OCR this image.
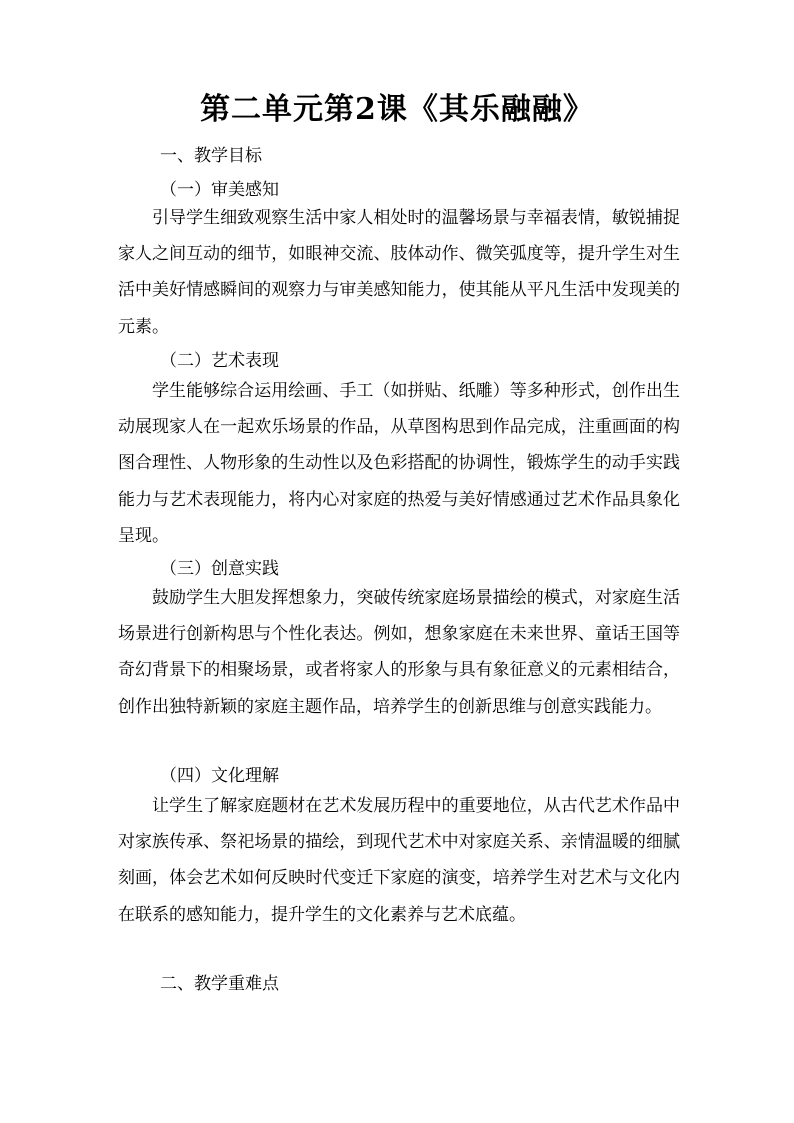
第二单元第2课《其乐融融》
一、教学目标
（一）审美感知
引导学生细致观察生活中家人相处时的温馨场景与幸福表情，敏锐捕捉家人之间互动的细节，如眼神交流、肢体动作、微笑弧度等，提升学生对生活中美好情感瞬间的观察力与审美感知能力，使其能从平凡生活中发现美的元素。
（二）艺术表现
学生能够综合运用绘画、手工（如拼贴、纸雕）等多种形式，创作出生动展现家人在一起欢乐场景的作品，从草图构思到作品完成，注重画面的构图合理性、人物形象的生动性以及色彩搭配的协调性，锻炼学生的动手实践能力与艺术表现能力，将内心对家庭的热爱与美好情感通过艺术作品具象化呈现。
（三）创意实践
鼓励学生大胆发挥想象力，突破传统家庭场景描绘的模式，对家庭生活场景进行创新构思与个性化表达。例如，想象家庭在未来世界、童话王国等奇幻背景下的相聚场景，或者将家人的形象与具有象征意义的元素相结合，创作出独特新颖的家庭主题作品，培养学生的创新思维与创意实践能力。
（四）文化理解
让学生了解家庭题材在艺术发展历程中的重要地位，从古代艺术作品中对家族传承、祭祀场景的描绘，到现代艺术中对家庭关系、亲情温暖的细腻刻画，体会艺术如何反映时代变迁下家庭的演变，培养学生对艺术与文化内在联系的感知能力，提升学生的文化素养与艺术底蕴。
二、教学重难点
